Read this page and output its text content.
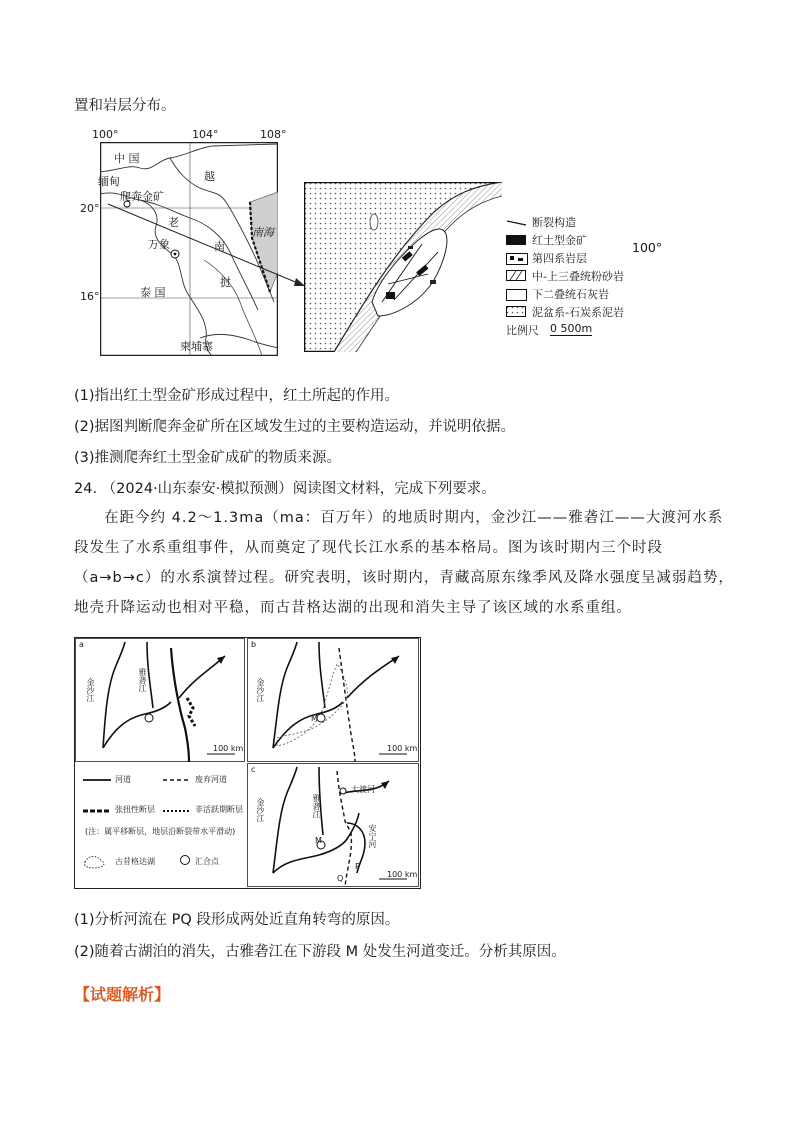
置和岩层分布。
100°	104°	108°
20°
16°
中 国
缅甸
爬奔金矿
越
老
万象	南
南海
挝
泰 国
柬埔寨
断裂构造
红土型金矿
第四系岩层
中-上三叠统粉砂岩
下二叠统石灰岩
泥盆系-石炭系泥岩
比例尺 0 500m
100°
(1)指出红土型金矿形成过程中，红土所起的作用。
(2)据图判断爬奔金矿所在区域发生过的主要构造运动，并说明依据。
(3)推测爬奔红土型金矿成矿的物质来源。
24. （2024·山东泰安·模拟预测）阅读图文材料，完成下列要求。
在距今约 4.2～1.3ma（ma：百万年）的地质时期内，金沙江——雅砻江——大渡河水系段发生了水系重组事件，从而奠定了现代长江水系的基本格局。图为该时期内三个时段（a→b→c）的水系演替过程。研究表明，该时期内，青藏高原东缘季风及降水强度呈减弱趋势，地壳升降运动也相对平稳，而古昔格达湖的出现和消失主导了该区域的水系重组。
a
金沙江	雅砻江
100 km
b
金沙江
M
100 km
河道	废弃河道
张扭性断层	非活跃期断层
(注：属平移断层，地层沿断裂带水平滑动)
古昔格达湖	汇合点
c
金沙江	雅砻江
大渡河
安宁河
M
P
Q	100 km
(1)分析河流在 PQ 段形成两处近直角转弯的原因。
(2)随着古湖泊的消失，古雅砻江在下游段 M 处发生河道变迁。分析其原因。
【试题解析】
